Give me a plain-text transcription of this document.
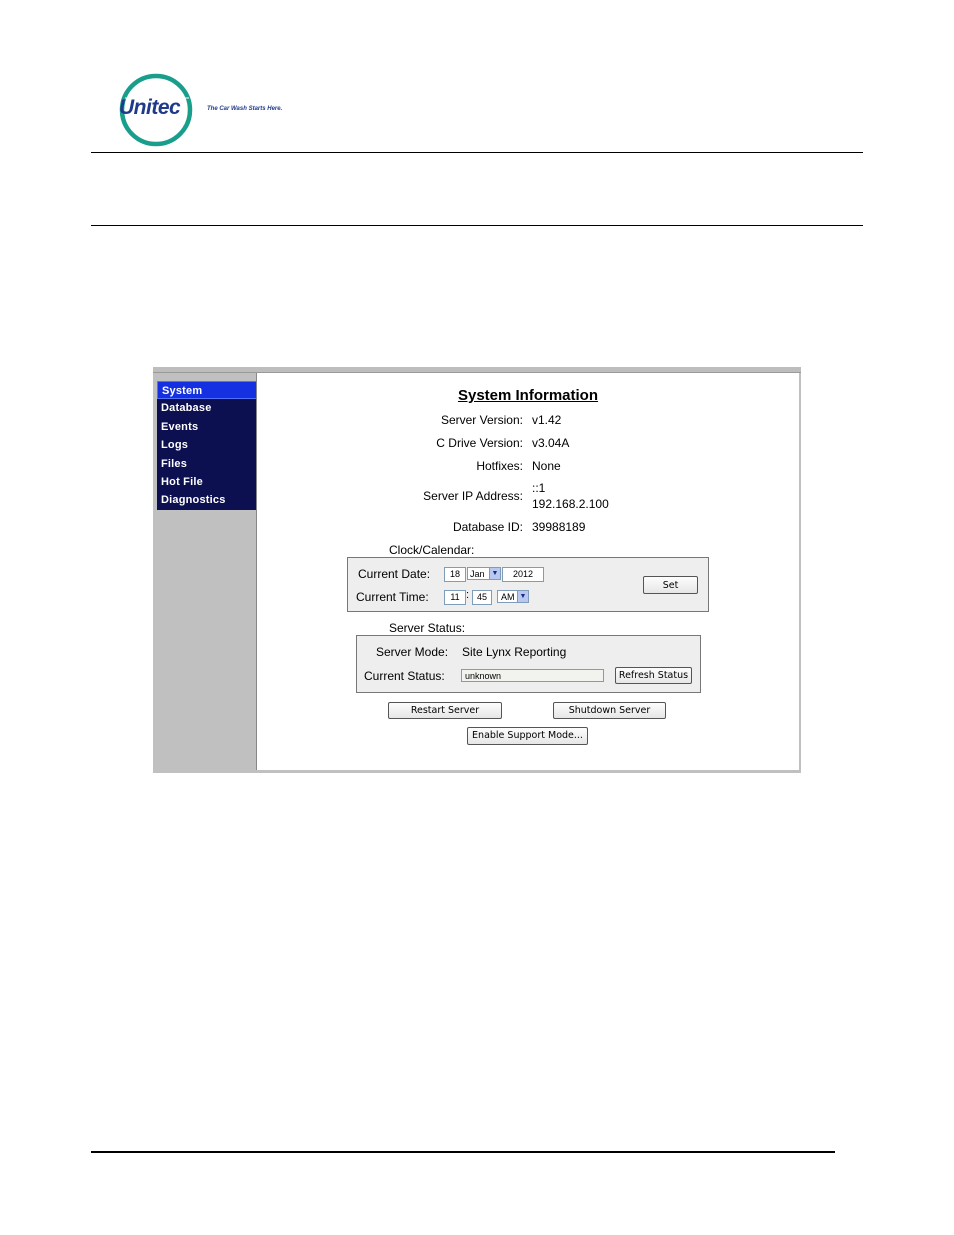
Unitec	The Car Wash Starts Here.
System
Database
Events
Logs
Files
Hot File
Diagnostics
System Information
Server Version: v1.42
C Drive Version: v3.04A
Hotfixes: None
Server IP Address:
::1
192.168.2.100
Database ID: 39988189
Clock/Calendar:
Current Date:	18	Jan	▼	2012
Current Time:	11 : 45	AM ▼
Set
Server Status:
Server Mode: Site Lynx Reporting
Current Status:	unknown	Refresh Status
Restart Server	Shutdown Server
Enable Support Mode...
